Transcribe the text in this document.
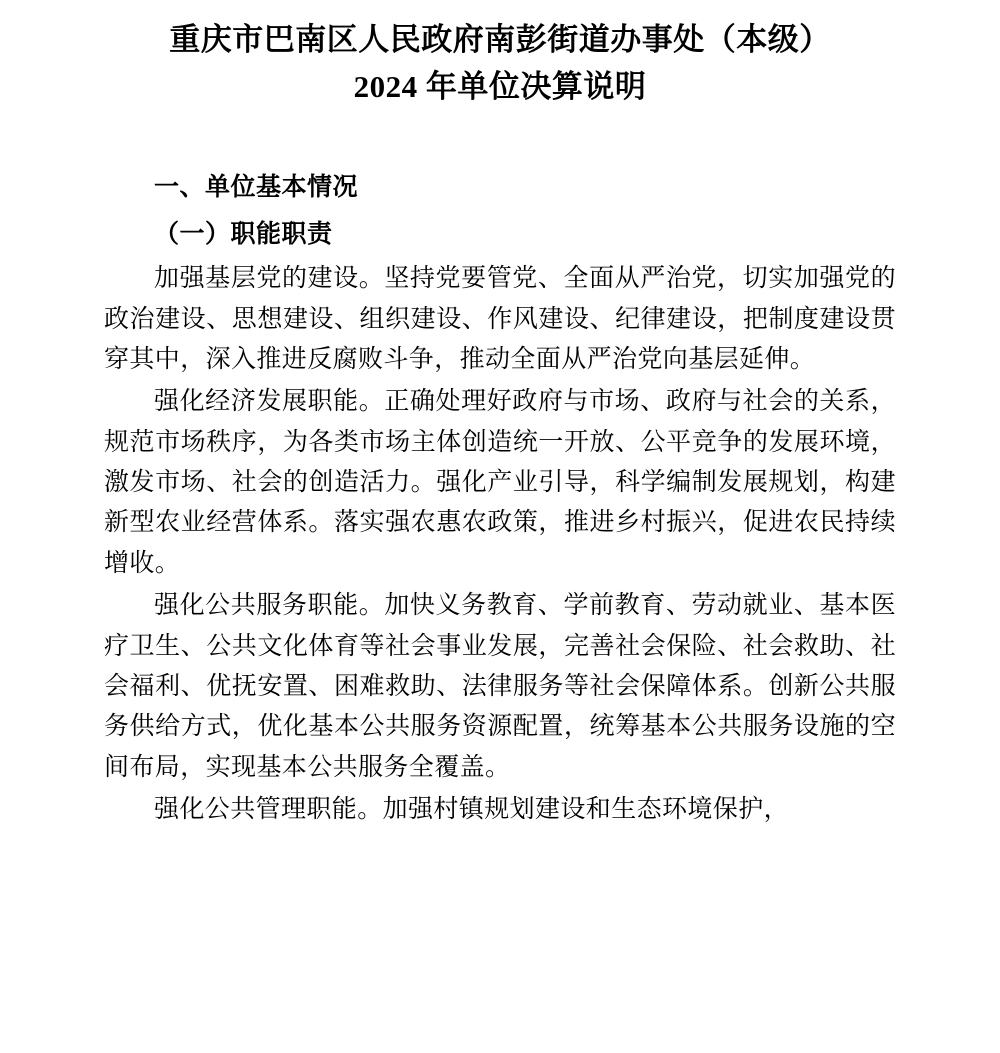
重庆市巴南区人民政府南彭街道办事处（本级）
2024 年单位决算说明
一、单位基本情况
（一）职能职责

加强基层党的建设。坚持党要管党、全面从严治党，切实加强党的政治建设、思想建设、组织建设、作风建设、纪律建设，把制度建设贯穿其中，深入推进反腐败斗争，推动全面从严治党向基层延伸。

强化经济发展职能。正确处理好政府与市场、政府与社会的关系，规范市场秩序，为各类市场主体创造统一开放、公平竞争的发展环境，激发市场、社会的创造活力。强化产业引导，科学编制发展规划，构建新型农业经营体系。落实强农惠农政策，推进乡村振兴，促进农民持续增收。

强化公共服务职能。加快义务教育、学前教育、劳动就业、基本医疗卫生、公共文化体育等社会事业发展，完善社会保险、社会救助、社会福利、优抚安置、困难救助、法律服务等社会保障体系。创新公共服务供给方式，优化基本公共服务资源配置，统筹基本公共服务设施的空间布局，实现基本公共服务全覆盖。

强化公共管理职能。加强村镇规划建设和生态环境保护，
